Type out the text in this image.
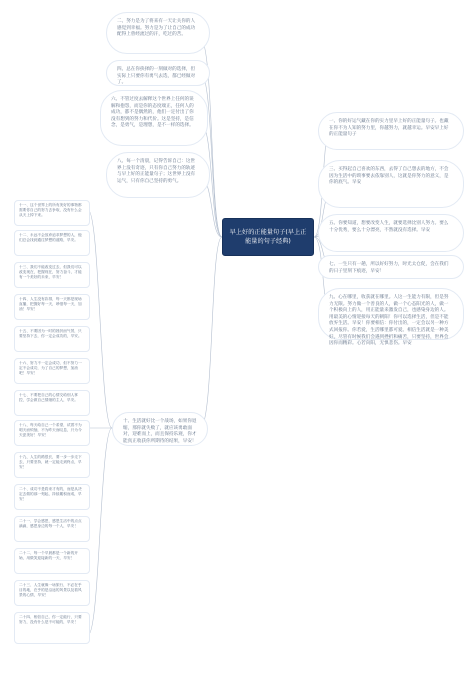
早上好的正能量句子(早上正能量的句子经典)
一、你的好运气藏在你的实力里早上好的正能量句子。也藏在你不为人知的努力里，你越努力，就越幸运。早安早上好的正能量句子
三、买得起自己喜欢的东西，去得了自己想去的地方，不会因为生活中的琐事要去依靠别人，这就是你努力的意义，是你的底气。早安
五、你要知道，想要改变人生，就要选择比别人努力。要么十分优秀，要么十分漂亮，不然就没有选择。早安
七、一生只有一趟，所以好好努力，时光太仓促，会在我们的日子里刻下痕迹，早安！
九、心在哪里，收获就在哪里。人这一生能力有限，但是努力无限。努力做一个善良的人，做一个心态阳光的人，做一个积极向上的人，用正能量来激发自己，也感染身边的人。用最美的心情迎接每天的朝阳！你可以选择生活，但是不能放弃生活。早安！你要相信：你付出的，一定会以另一种方式回报你。你若爱，生活哪里都可爱。相信生活就是一种美好。尽管有时候我们会遇到挫折和痛苦，只要坚持，世界会因你而精彩。心若向阳，无惧悲伤。早安
二、努力是为了将来有一天让关你的人感觉到幸福。努力是为了让自己的成功配得上曾经流过的汗，吃过的苦。
四、总在你抉择的一刻做对的选择，但实际上只要你有勇气去选，都已经做对了。
六、不管过度去解释这个世界上任何的误解和抱怨，而是你的态度端正，任何人的成功，都不是偶然的，他们一定付出了你没有想到的努力和代价。这是坚持，是信念，是勇气，是理想，是不一样的选择。
八、每一个清晨，记得告诉自己：这世界上没有奇迹，只有你自己努力的轨迹与早上好的正能量句子；这世界上没有运气，只有你自己坚持的勇气。
十、生活就好比一个战场，如果你退缩，那你就失败了，就应该勇敢面对，迎难而上，而且保持乐观，你才能真正收获你所期待的结果，早安！
十一、这个世界上的所有美好的事物都需要你自己的努力去争取，没有什么会从天上掉下来。
十二、永远不会放弃追求梦想的人，他们总会找到通往梦想的道路，早安。
十三、我们不能改变过去，但我们可以改变现在，把握现在，努力奋斗，才能有一个美好的未来，早安！
十四、人生没有彩排，每一天都是现场直播，把握好每一天，珍惜每一天，加油！早安！
十五、不要因为一时的挫折而气馁，只要坚持下去，你一定会成功的，早安。
十六、努力不一定会成功，但不努力一定不会成功，为了自己的梦想，加油吧！早安！
十七、不要把自己的心情交给别人掌控，学会做自己情绪的主人，早安。
十八、每天给自己一个希望，试着不为明天而烦恼，不为昨天而叹息，只为今天更美好！早安！
十九、人生的路很长，要一步一步走下去，只要坚持，就一定能走到终点，早安！
二十、成功不是将来才有的，而是从决定去做的那一刻起，持续累积而成，早安！
二十一、学会感恩，感恩生活中的点点滴滴，感恩身边的每一个人，早安！
二十二、每一个早晨都是一个新的开始，用微笑迎接新的一天，早安！
二十三、人生就像一场旅行，不必在乎目的地，在乎的是沿途的风景以及看风景的心情，早安！
二十四、相信自己，你一定能行，只要努力，没有什么是不可能的，早安！
